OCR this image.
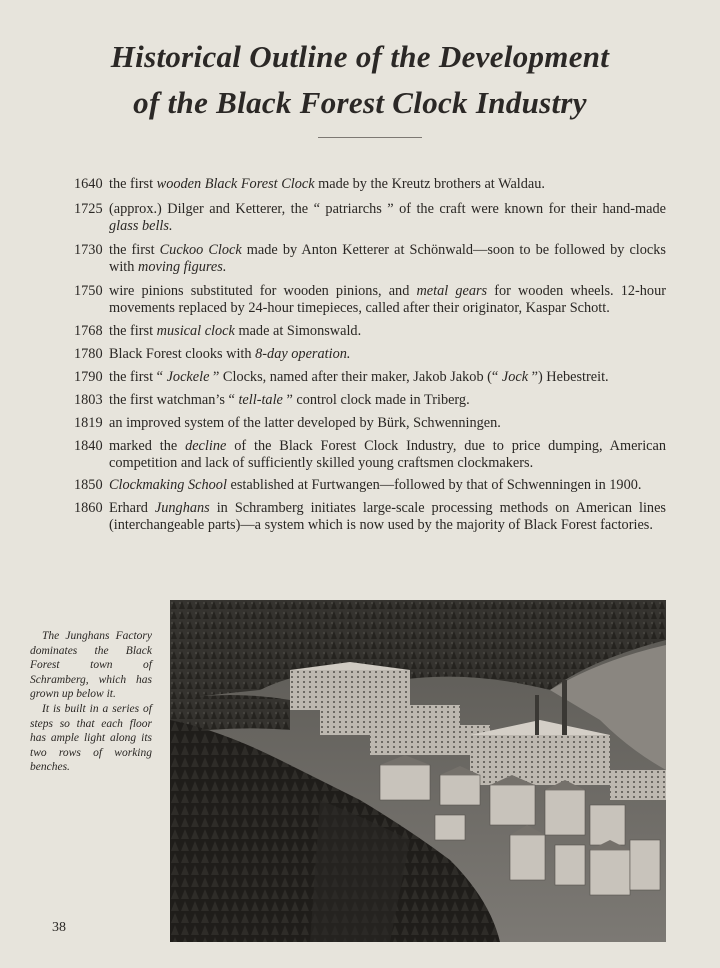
Historical Outline of the Development
of the Black Forest Clock Industry
1640 the first wooden Black Forest Clock made by the Kreutz brothers at Waldau.
1725 (approx.) Dilger and Ketterer, the “ patriarchs ” of the craft were known for their hand-made glass bells.
1730 the first Cuckoo Clock made by Anton Ketterer at Schönwald—soon to be followed by clocks with moving figures.
1750 wire pinions substituted for wooden pinions, and metal gears for wooden wheels. 12-hour movements replaced by 24-hour timepieces, called after their originator, Kaspar Schott.
1768 the first musical clock made at Simonswald.
1780 Black Forest clooks with 8-day operation.
1790 the first “ Jockele ” Clocks, named after their maker, Jakob Jakob (“ Jock ”) Hebestreit.
1803 the first watchman’s “ tell-tale ” control clock made in Triberg.
1819 an improved system of the latter developed by Bürk, Schwenningen.
1840 marked the decline of the Black Forest Clock Industry, due to price dumping, American competition and lack of sufficiently skilled young craftsmen clockmakers.
1850 Clockmaking School established at Furtwangen—followed by that of Schwenningen in 1900.
1860 Erhard Junghans in Schramberg initiates large-scale processing methods on American lines (interchangeable parts)—a system which is now used by the majority of Black Forest factories.

The Junghans Factory dominates the Black Forest town of Schramberg, which has grown up below it.

It is built in a series of steps so that each floor has ample light along its two rows of working benches.

38
